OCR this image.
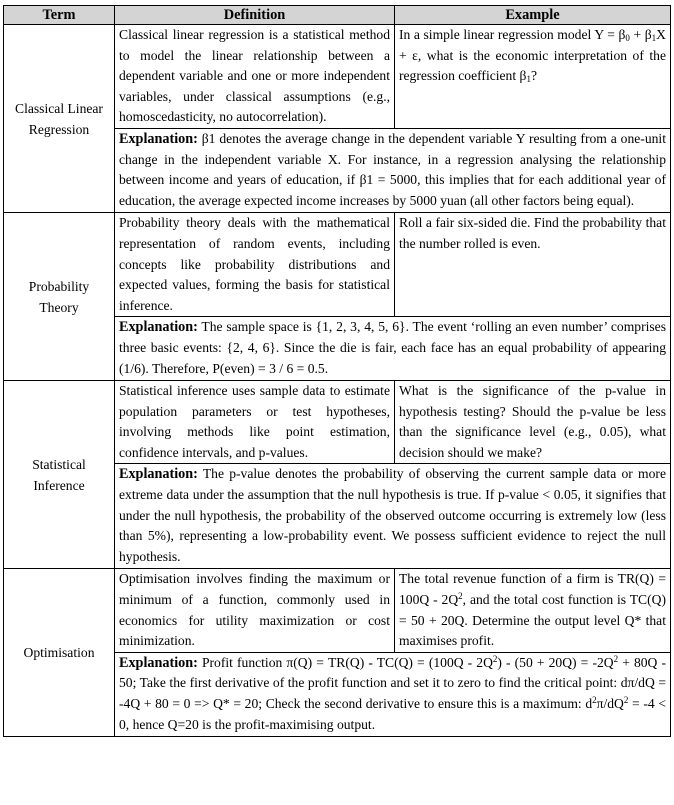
Term	Definition	Example
Classical Linear Regression	Classical linear regression is a statistical method to model the linear relationship between a dependent variable and one or more independent variables, under classical assumptions (e.g., homoscedasticity, no autocorrelation).	In a simple linear regression model $Y = \beta_0 + \beta_1X + \varepsilon$, what is the economic interpretation of the regression coefficient $\beta_1$?
	Explanation: β1 denotes the average change in the dependent variable Y resulting from a one-unit change in the independent variable X. For instance, in a regression analysing the relationship between income and years of education, if β1 = 5000, this implies that for each additional year of education, the average expected income increases by 5000 yuan (all other factors being equal).	
Probability Theory	Probability theory deals with the mathematical representation of random events, including concepts like probability distributions and expected values, forming the basis for statistical inference.	Roll a fair six-sided die. Find the probability that the number rolled is even.
	Explanation: The sample space is {1, 2, 3, 4, 5, 6}. The event ‘rolling an even number’ comprises three basic events: {2, 4, 6}. Since the die is fair, each face has an equal probability of appearing (1/6). Therefore, P(even) = 3 / 6 = 0.5.	
Statistical Inference	Statistical inference uses sample data to estimate population parameters or test hypotheses, involving methods like point estimation, confidence intervals, and p-values.	What is the significance of the p-value in hypothesis testing? Should the p-value be less than the significance level (e.g., 0.05), what decision should we make?
	Explanation: The p-value denotes the probability of observing the current sample data or more extreme data under the assumption that the null hypothesis is true. If p-value < 0.05, it signifies that under the null hypothesis, the probability of the observed outcome occurring is extremely low (less than 5%), representing a low-probability event. We possess sufficient evidence to reject the null hypothesis.	
Optimisation	Optimisation involves finding the maximum or minimum of a function, commonly used in economics for utility maximization or cost minimization.	The total revenue function of a firm is $TR(Q) = 100Q - 2Q^2$, and the total cost function is TC(Q) = 50 + 20Q. Determine the output level Q* that maximises profit.
	Explanation: Profit function $\pi(Q) = TR(Q) - TC(Q) = (100Q - 2Q^2) - (50 + 20Q) = -2Q^2 + 80Q - 50$; Take the first derivative of the profit function and set it to zero to find the critical point: dπ/dQ = -4Q + 80 = 0 => Q* = 20; Check the second derivative to ensure this is a maximum: $d^2\pi/dQ^2 = -4 < 0$, hence Q=20 is the profit-maximising output.	
